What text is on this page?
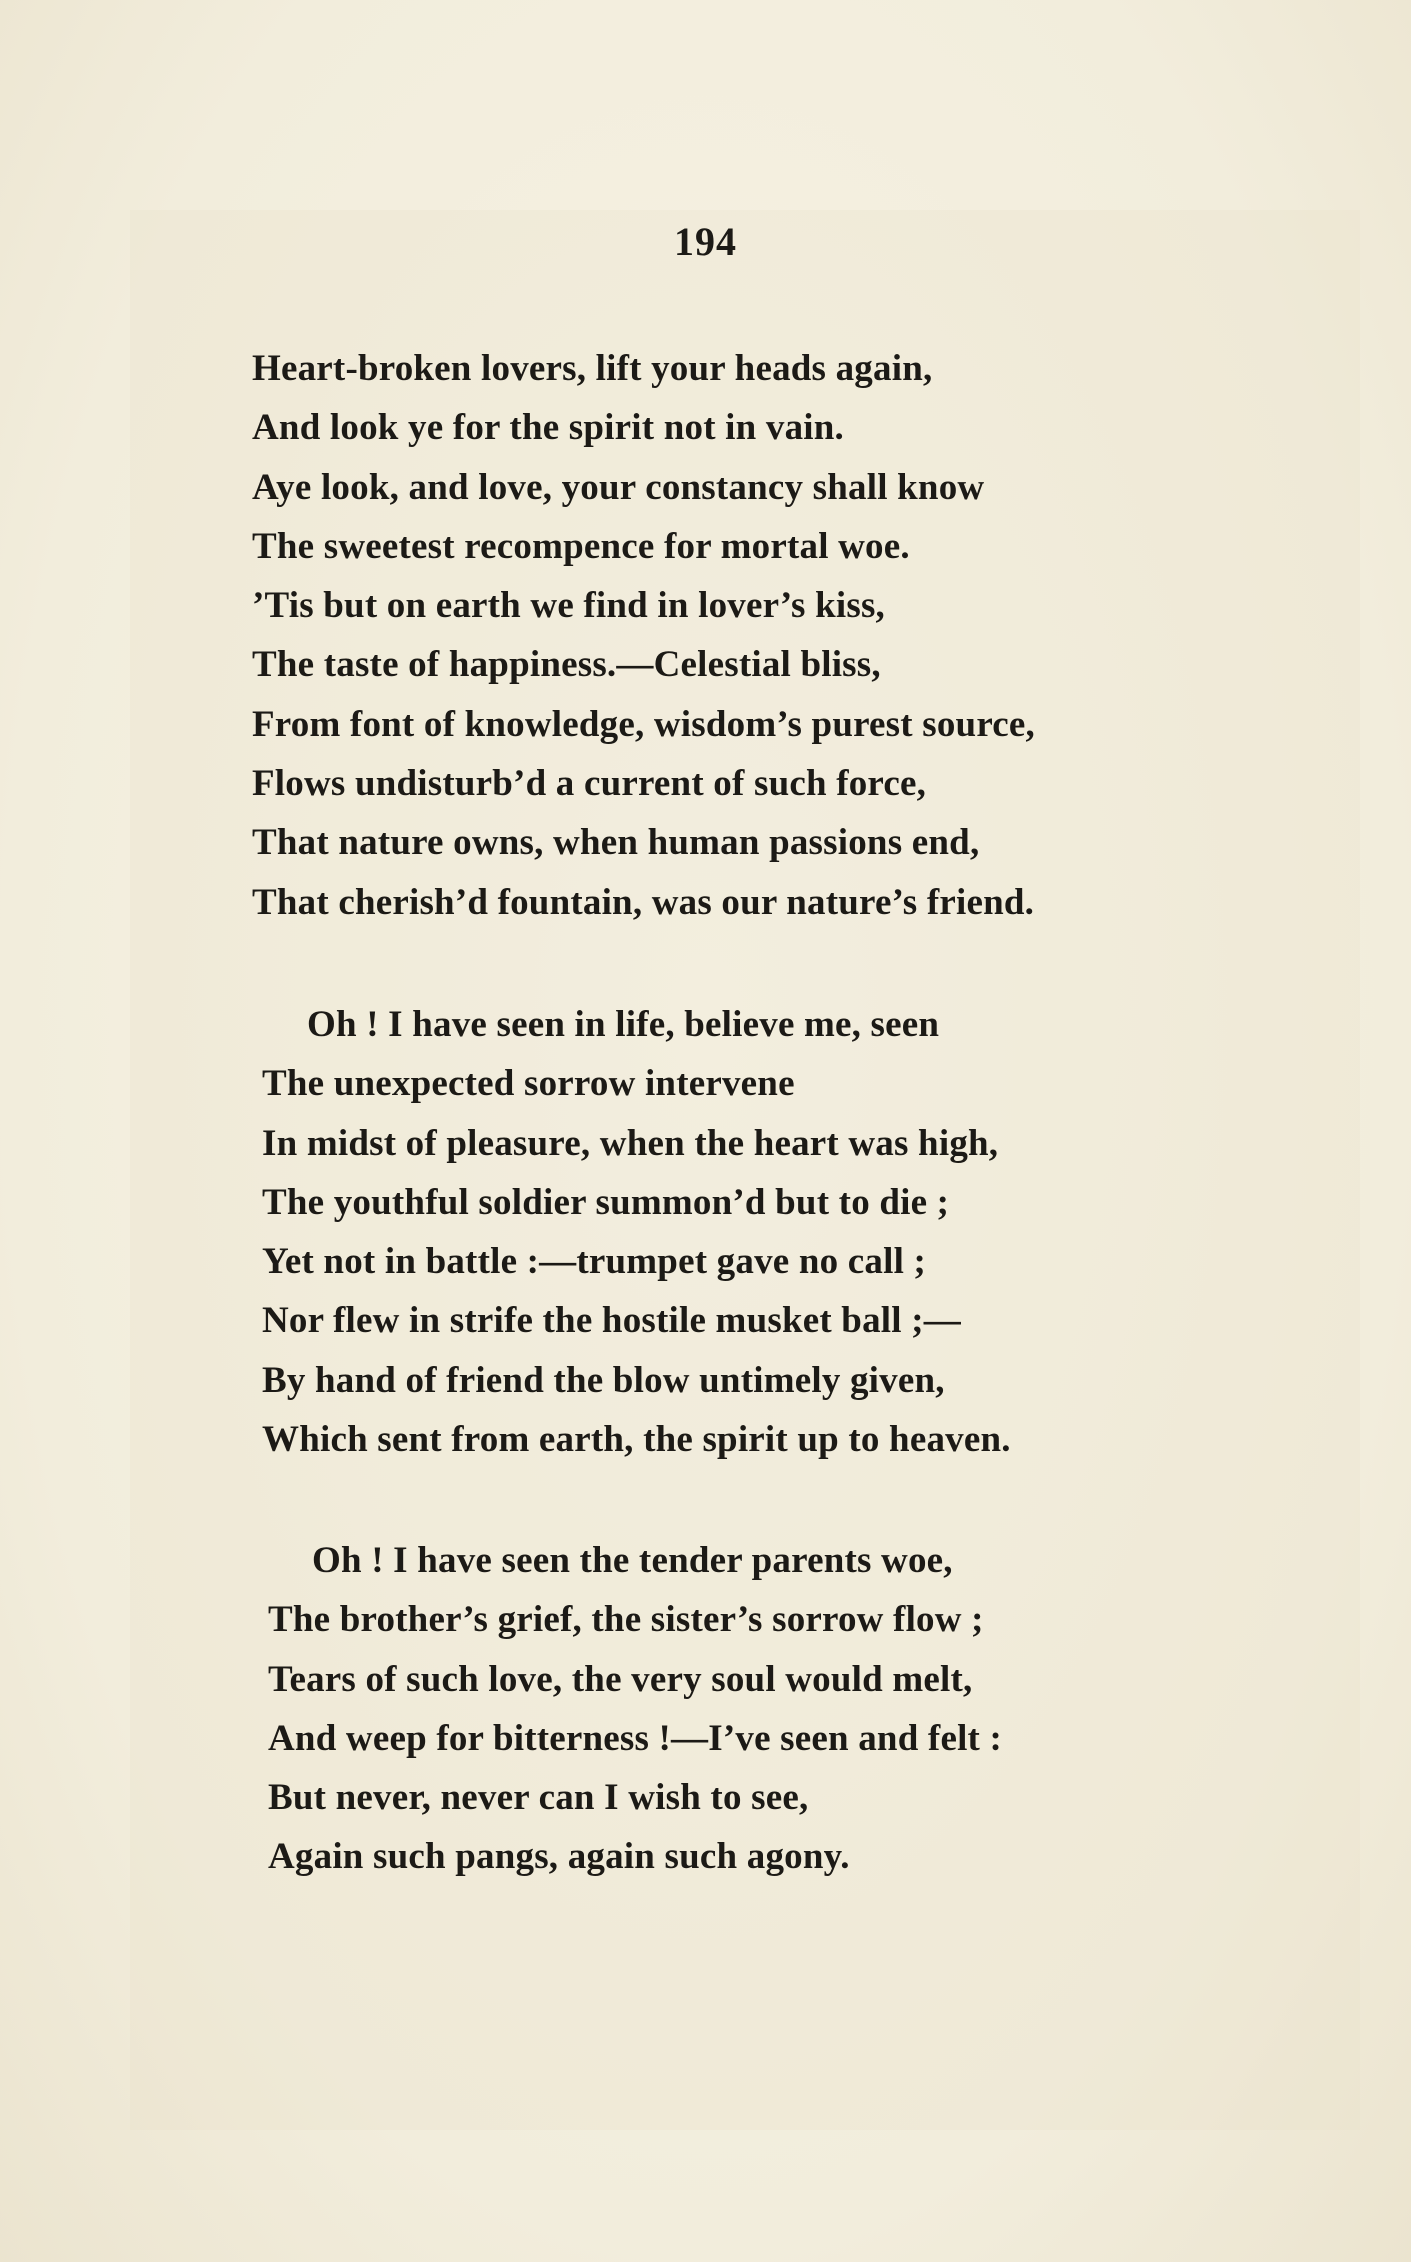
194
Heart-broken lovers, lift your heads again,
And look ye for the spirit not in vain.
Aye look, and love, your constancy shall know
The sweetest recompence for mortal woe.
’Tis but on earth we find in lover’s kiss,
The taste of happiness.—Celestial bliss,
From font of knowledge, wisdom’s purest source,
Flows undisturb’d a current of such force,
That nature owns, when human passions end,
That cherish’d fountain, was our nature’s friend.
Oh ! I have seen in life, believe me, seen
The unexpected sorrow intervene
In midst of pleasure, when the heart was high,
The youthful soldier summon’d but to die ;
Yet not in battle :—trumpet gave no call ;
Nor flew in strife the hostile musket ball ;—
By hand of friend the blow untimely given,
Which sent from earth, the spirit up to heaven.
Oh ! I have seen the tender parents woe,
The brother’s grief, the sister’s sorrow flow ;
Tears of such love, the very soul would melt,
And weep for bitterness !—I’ve seen and felt :
But never, never can I wish to see,
Again such pangs, again such agony.
